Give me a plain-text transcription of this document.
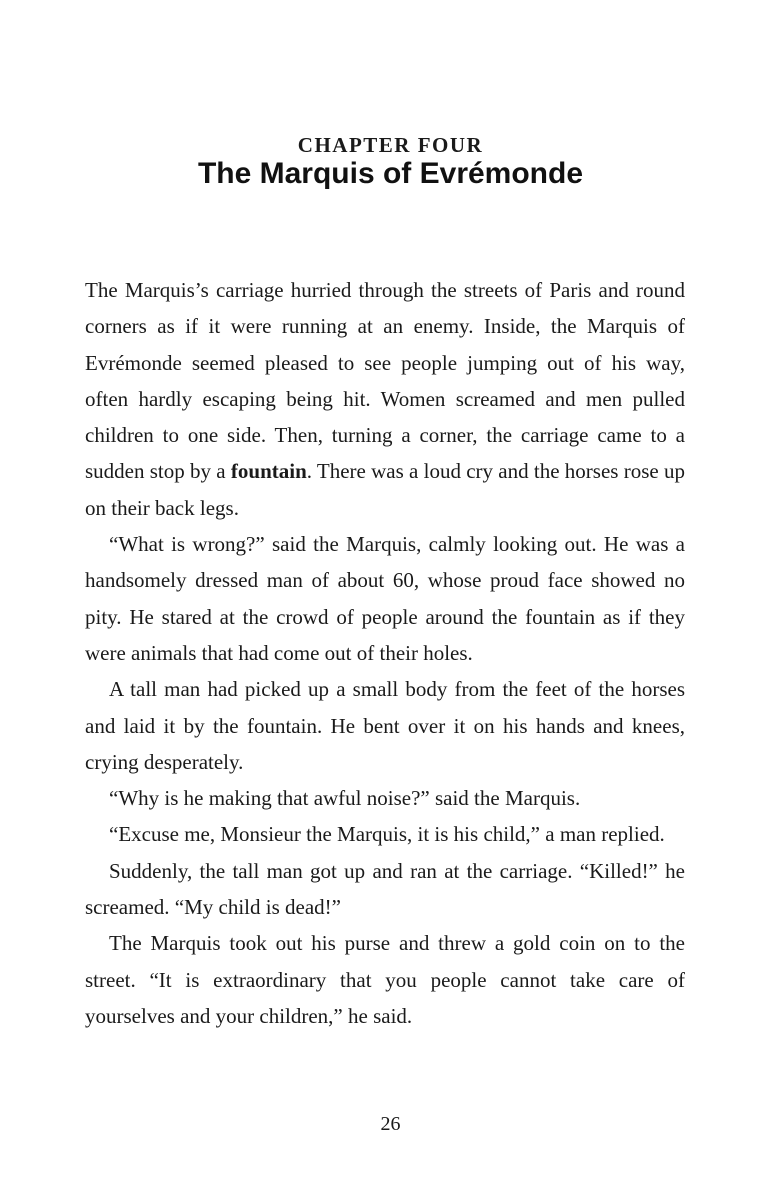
CHAPTER FOUR
The Marquis of Evrémonde

The Marquis’s carriage hurried through the streets of Paris and round corners as if it were running at an enemy. Inside, the Marquis of Evrémonde seemed pleased to see people jumping out of his way, often hardly escaping being hit. Women screamed and men pulled children to one side. Then, turning a corner, the carriage came to a sudden stop by a fountain. There was a loud cry and the horses rose up on their back legs.

“What is wrong?” said the Marquis, calmly looking out. He was a handsomely dressed man of about 60, whose proud face showed no pity. He stared at the crowd of people around the fountain as if they were animals that had come out of their holes.

A tall man had picked up a small body from the feet of the horses and laid it by the fountain. He bent over it on his hands and knees, crying desperately.

“Why is he making that awful noise?” said the Marquis.

“Excuse me, Monsieur the Marquis, it is his child,” a man replied.

Suddenly, the tall man got up and ran at the carriage. “Killed!” he screamed. “My child is dead!”

The Marquis took out his purse and threw a gold coin on to the street. “It is extraordinary that you people cannot take care of yourselves and your children,” he said.

26
